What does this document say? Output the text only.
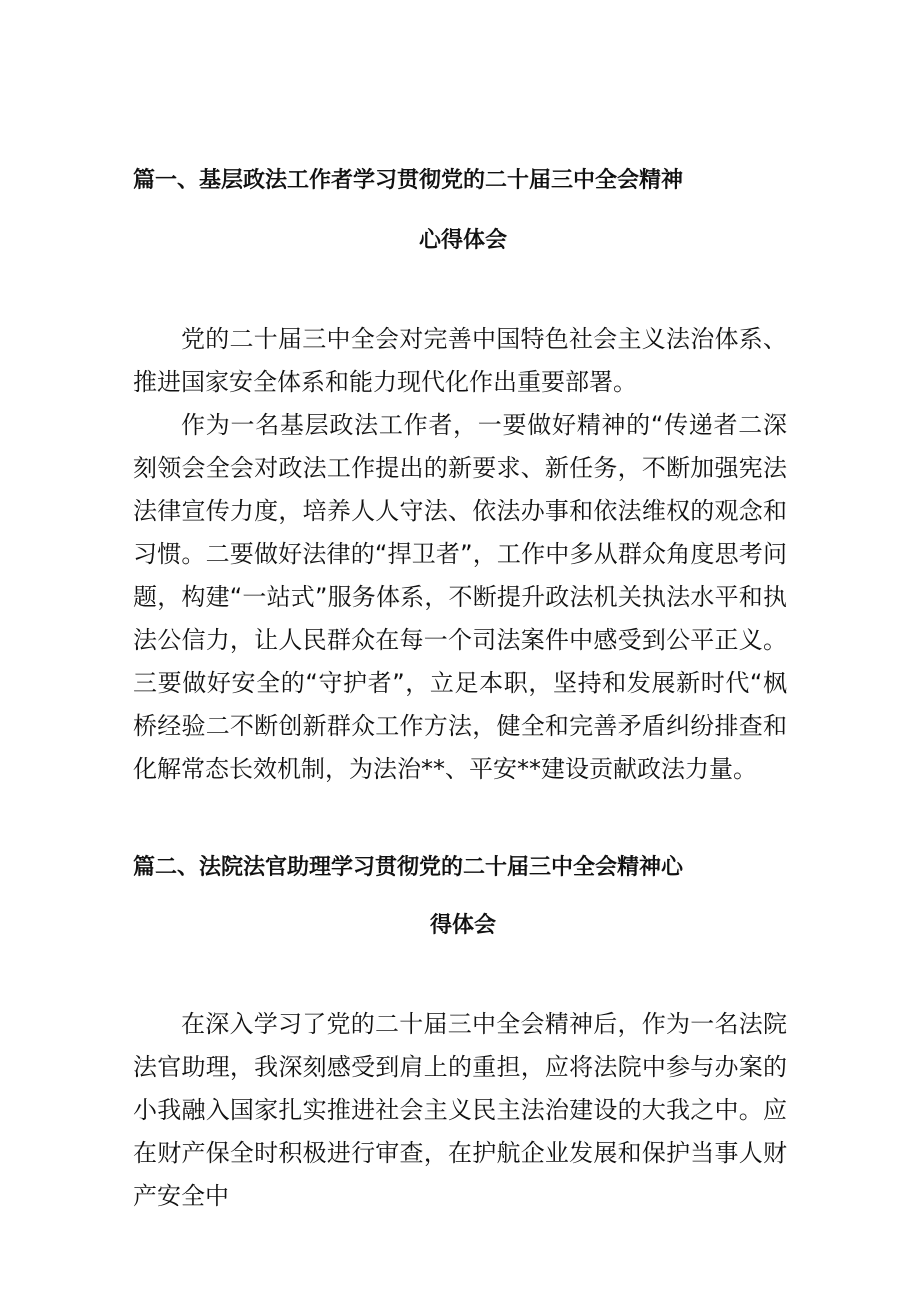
篇一、基层政法工作者学习贯彻党的二十届三中全会精神
心得体会

党的二十届三中全会对完善中国特色社会主义法治体系、推进国家安全体系和能力现代化作出重要部署。

作为一名基层政法工作者，一要做好精神的“传递者二深刻领会全会对政法工作提出的新要求、新任务，不断加强宪法法律宣传力度，培养人人守法、依法办事和依法维权的观念和习惯。二要做好法律的“捍卫者”，工作中多从群众角度思考问题，构建“一站式”服务体系，不断提升政法机关执法水平和执法公信力，让人民群众在每一个司法案件中感受到公平正义。三要做好安全的“守护者”，立足本职，坚持和发展新时代“枫桥经验二不断创新群众工作方法，健全和完善矛盾纠纷排查和化解常态长效机制，为法治**、平安**建设贡献政法力量。

篇二、法院法官助理学习贯彻党的二十届三中全会精神心
得体会

在深入学习了党的二十届三中全会精神后，作为一名法院法官助理，我深刻感受到肩上的重担，应将法院中参与办案的小我融入国家扎实推进社会主义民主法治建设的大我之中。应在财产保全时积极进行审查，在护航企业发展和保护当事人财产安全中
